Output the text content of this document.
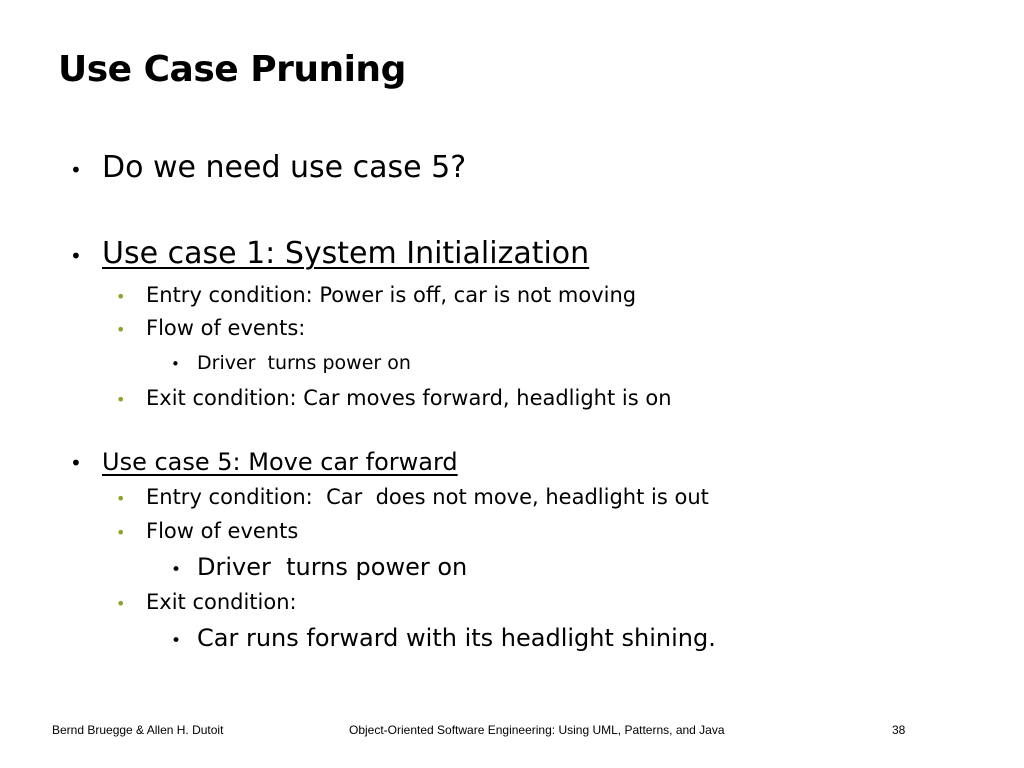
Use Case Pruning
• Do we need use case 5?
• Use case 1: System Initialization
• Entry condition: Power is off, car is not moving
• Flow of events:
• Driver  turns power on
• Exit condition: Car moves forward, headlight is on
• Use case 5: Move car forward
• Entry condition:  Car  does not move, headlight is out
• Flow of events
• Driver  turns power on
• Exit condition:
• Car runs forward with its headlight shining.
Bernd Bruegge & Allen H. Dutoit	Object-Oriented Software Engineering: Using UML, Patterns, and Java	38
